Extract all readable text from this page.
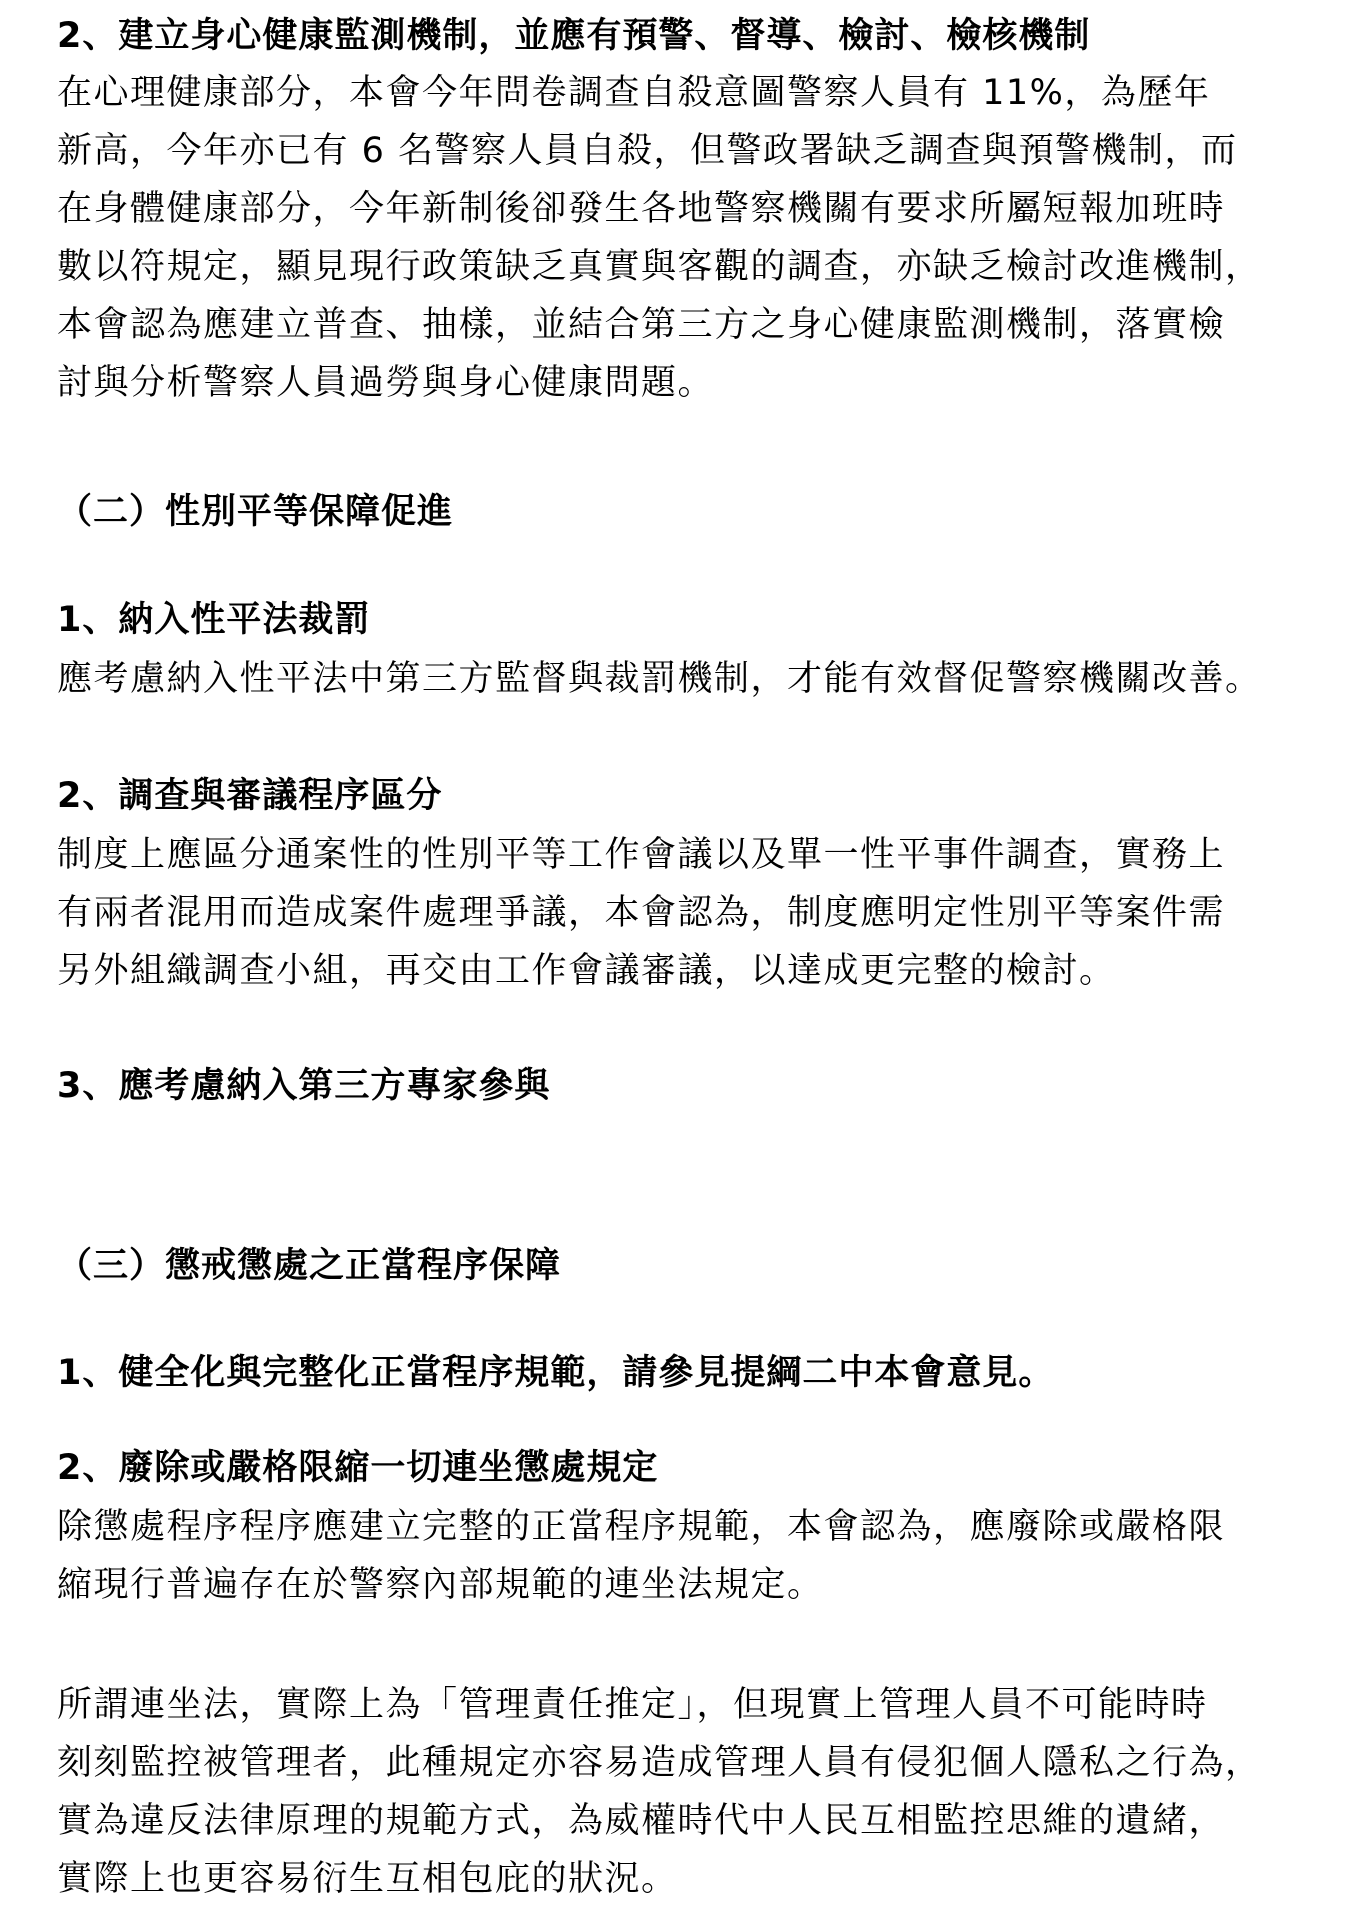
2、建立身心健康監測機制，並應有預警、督導、檢討、檢核機制
在心理健康部分，本會今年問卷調查自殺意圖警察人員有 11%，為歷年
新高，今年亦已有 6 名警察人員自殺，但警政署缺乏調查與預警機制，而
在身體健康部分，今年新制後卻發生各地警察機關有要求所屬短報加班時
數以符規定，顯見現行政策缺乏真實與客觀的調查，亦缺乏檢討改進機制，
本會認為應建立普查、抽樣，並結合第三方之身心健康監測機制，落實檢
討與分析警察人員過勞與身心健康問題。
（二）性別平等保障促進
1、納入性平法裁罰
應考慮納入性平法中第三方監督與裁罰機制，才能有效督促警察機關改善。
2、調查與審議程序區分
制度上應區分通案性的性別平等工作會議以及單一性平事件調查，實務上
有兩者混用而造成案件處理爭議，本會認為，制度應明定性別平等案件需
另外組織調查小組，再交由工作會議審議，以達成更完整的檢討。
3、應考慮納入第三方專家參與
（三）懲戒懲處之正當程序保障
1、健全化與完整化正當程序規範，請參見提綱二中本會意見。
2、廢除或嚴格限縮一切連坐懲處規定
除懲處程序程序應建立完整的正當程序規範，本會認為，應廢除或嚴格限
縮現行普遍存在於警察內部規範的連坐法規定。
所謂連坐法，實際上為「管理責任推定」，但現實上管理人員不可能時時
刻刻監控被管理者，此種規定亦容易造成管理人員有侵犯個人隱私之行為，
實為違反法律原理的規範方式，為威權時代中人民互相監控思維的遺緒，
實際上也更容易衍生互相包庇的狀況。
